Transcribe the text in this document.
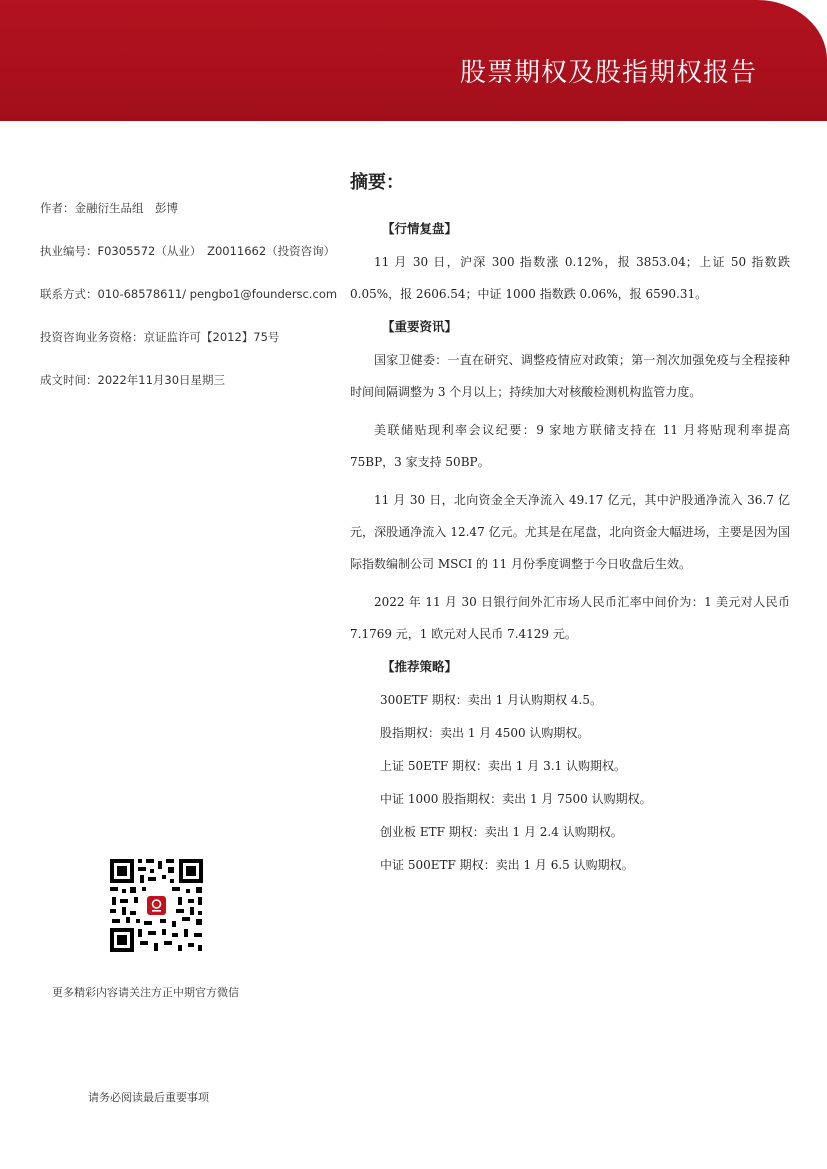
股票期权及股指期权报告
作者：金融衍生品组　彭博
执业编号：F0305572（从业）　Z0011662（投资咨询）
联系方式：010-68578611/ pengbo1@foundersc.com
投资咨询业务资格：京证监许可【2012】75号
成文时间：2022年11月30日星期三
更多精彩内容请关注方正中期官方微信
请务必阅读最后重要事项
摘要：
【行情复盘】

11 月 30 日，沪深 300 指数涨 0.12%，报 3853.04；上证 50 指数跌 0.05%，报 2606.54；中证 1000 指数跌 0.06%，报 6590.31。

【重要资讯】

国家卫健委：一直在研究、调整疫情应对政策；第一剂次加强免疫与全程接种时间间隔调整为 3 个月以上；持续加大对核酸检测机构监管力度。

美联储贴现利率会议纪要：9 家地方联储支持在 11 月将贴现利率提高 75BP，3 家支持 50BP。

11 月 30 日，北向资金全天净流入 49.17 亿元，其中沪股通净流入 36.7 亿元，深股通净流入 12.47 亿元。尤其是在尾盘，北向资金大幅进场，主要是因为国际指数编制公司 MSCI 的 11 月份季度调整于今日收盘后生效。

2022 年 11 月 30 日银行间外汇市场人民币汇率中间价为：1 美元对人民币 7.1769 元，1 欧元对人民币 7.4129 元。

【推荐策略】
300ETF 期权：卖出 1 月认购期权 4.5。
股指期权：卖出 1 月 4500 认购期权。
上证 50ETF 期权：卖出 1 月 3.1 认购期权。
中证 1000 股指期权：卖出 1 月 7500 认购期权。
创业板 ETF 期权：卖出 1 月 2.4 认购期权。
中证 500ETF 期权：卖出 1 月 6.5 认购期权。
